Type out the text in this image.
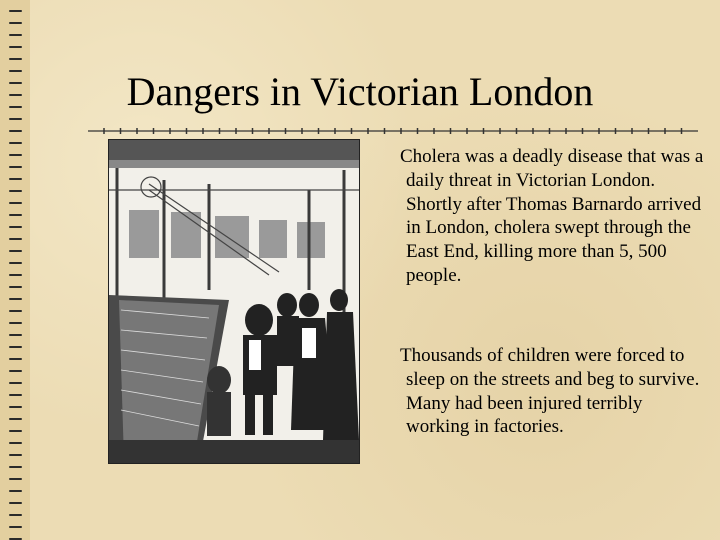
Dangers in Victorian London

Cholera was a deadly disease that was a daily threat in Victorian London. Shortly after Thomas Barnardo arrived in London, cholera swept through the East End, killing more than 5, 500 people.

Thousands of children were forced to sleep on the streets and beg to survive. Many had been injured terribly working in factories.
